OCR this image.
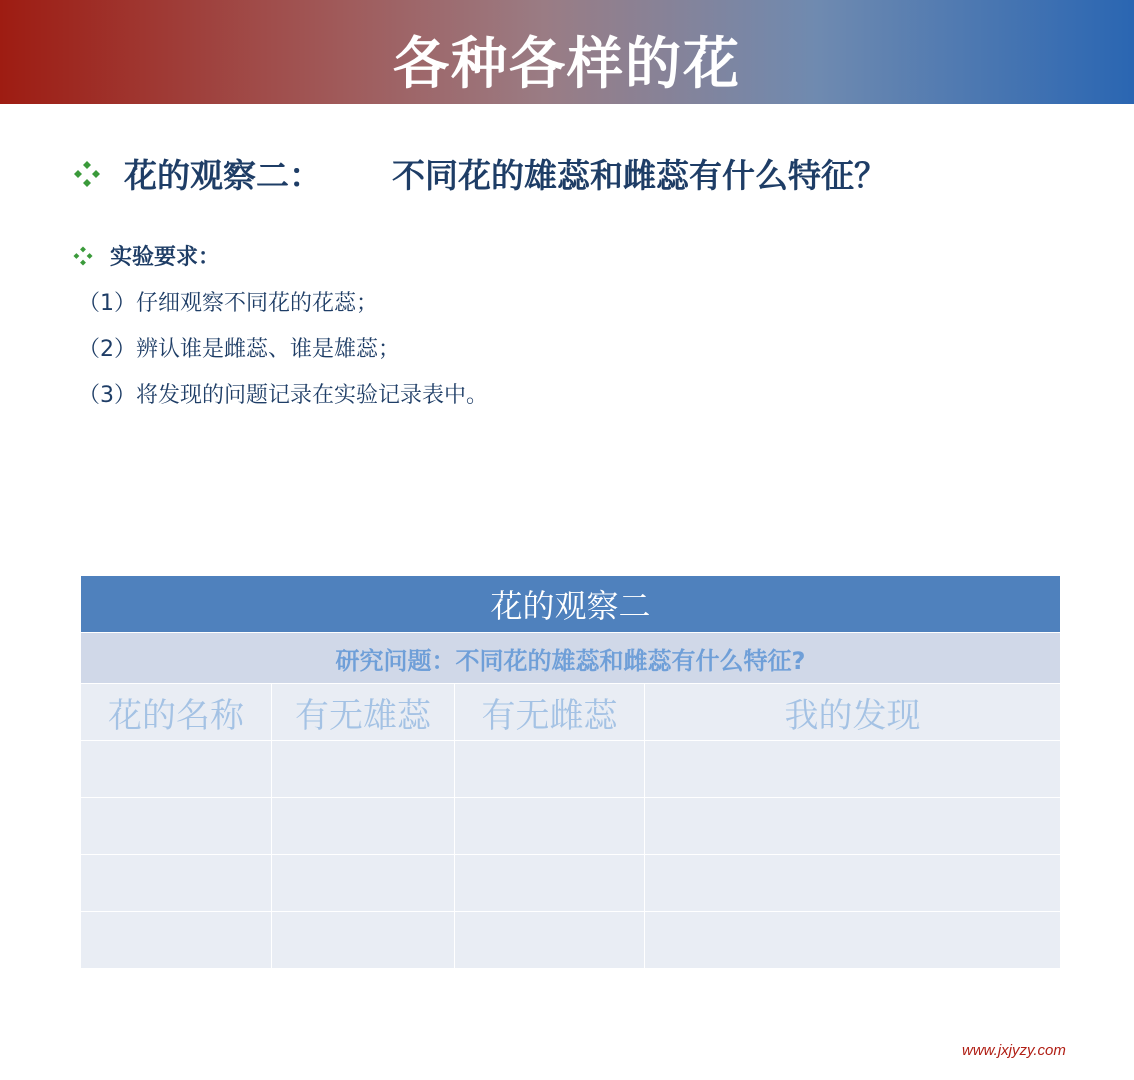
各种各样的花
花的观察二： 不同花的雄蕊和雌蕊有什么特征？
实验要求：
（1）仔细观察不同花的花蕊；
（2）辨认谁是雌蕊、谁是雄蕊；
（3）将发现的问题记录在实验记录表中。
花的观察二			
研究问题：不同花的雄蕊和雌蕊有什么特征?			
花的名称	有无雄蕊	有无雌蕊	我的发现

www.jxjyzy.com
